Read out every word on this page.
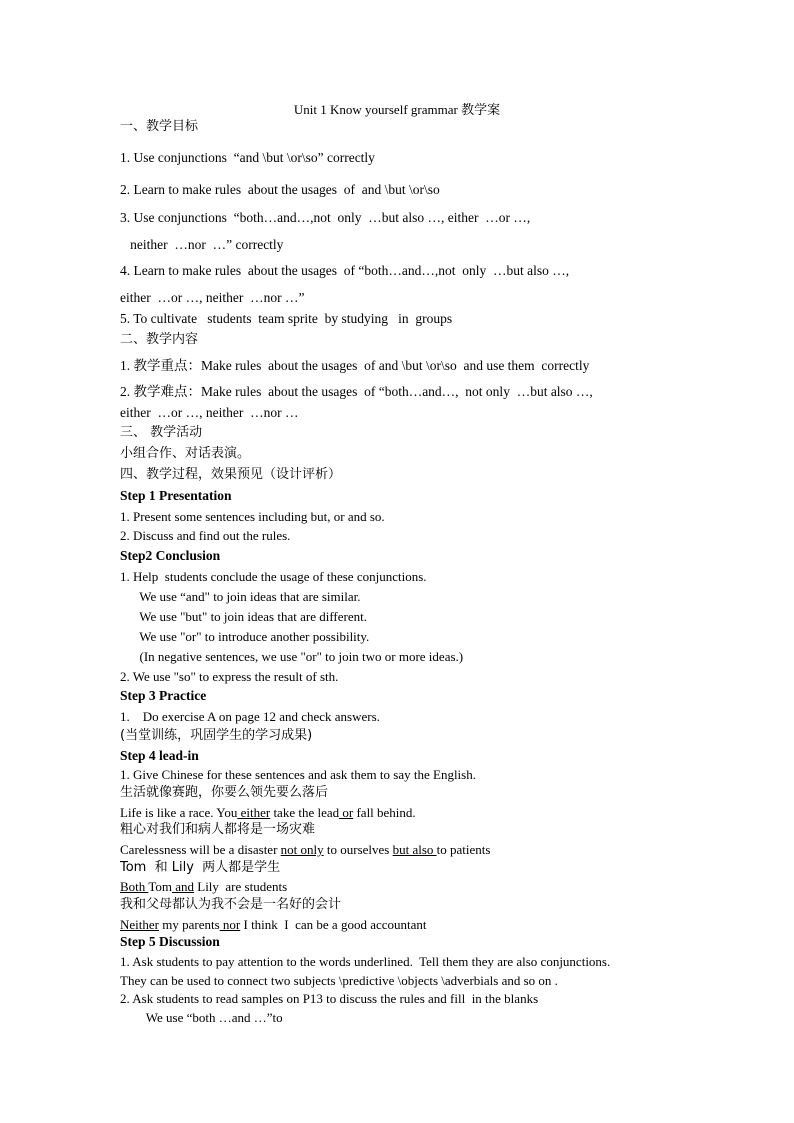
Unit 1 Know yourself grammar 教学案
一、教学目标
1. Use conjunctions  “and \but \or\so” correctly
2. Learn to make rules  about the usages  of  and \but \or\so
3. Use conjunctions  “both…and…,not  only  …but also …, either  …or …,
neither  …nor  …” correctly
4. Learn to make rules  about the usages  of “both…and…,not  only  …but also …,
either  …or …, neither  …nor …”
5. To cultivate   students  team sprite  by studying   in  groups
二、教学内容
1. 教学重点：Make rules  about the usages  of and \but \or\so  and use them  correctly
2. 教学难点：Make rules  about the usages  of “both…and…,  not only  …but also …,
either  …or …, neither  …nor …
三、 教学活动
小组合作、对话表演。
四、教学过程，效果预见（设计评析）
Step 1 Presentation
1. Present some sentences including but, or and so.
2. Discuss and find out the rules.
Step2 Conclusion
1. Help  students conclude the usage of these conjunctions.
We use “and" to join ideas that are similar.
We use "but" to join ideas that are different.
We use "or" to introduce another possibility.
(In negative sentences, we use "or" to join two or more ideas.)
2. We use "so" to express the result of sth.
Step 3 Practice
1.    Do exercise A on page 12 and check answers.
(当堂训练，巩固学生的学习成果)
Step 4 lead-in
1. Give Chinese for these sentences and ask them to say the English.
生活就像赛跑，你要么领先要么落后
Life is like a race. You either take the lead or fall behind.
粗心对我们和病人都将是一场灾难
Carelessness will be a disaster not only to ourselves but also to patients
Tom  和 Lily  两人都是学生
Both Tom and Lily  are students
我和父母都认为我不会是一名好的会计
Neither my parents nor I think  I  can be a good accountant
Step 5 Discussion
1. Ask students to pay attention to the words underlined.  Tell them they are also conjunctions.
They can be used to connect two subjects \predictive \objects \adverbials and so on .
2. Ask students to read samples on P13 to discuss the rules and fill  in the blanks
We use “both …and …”to
